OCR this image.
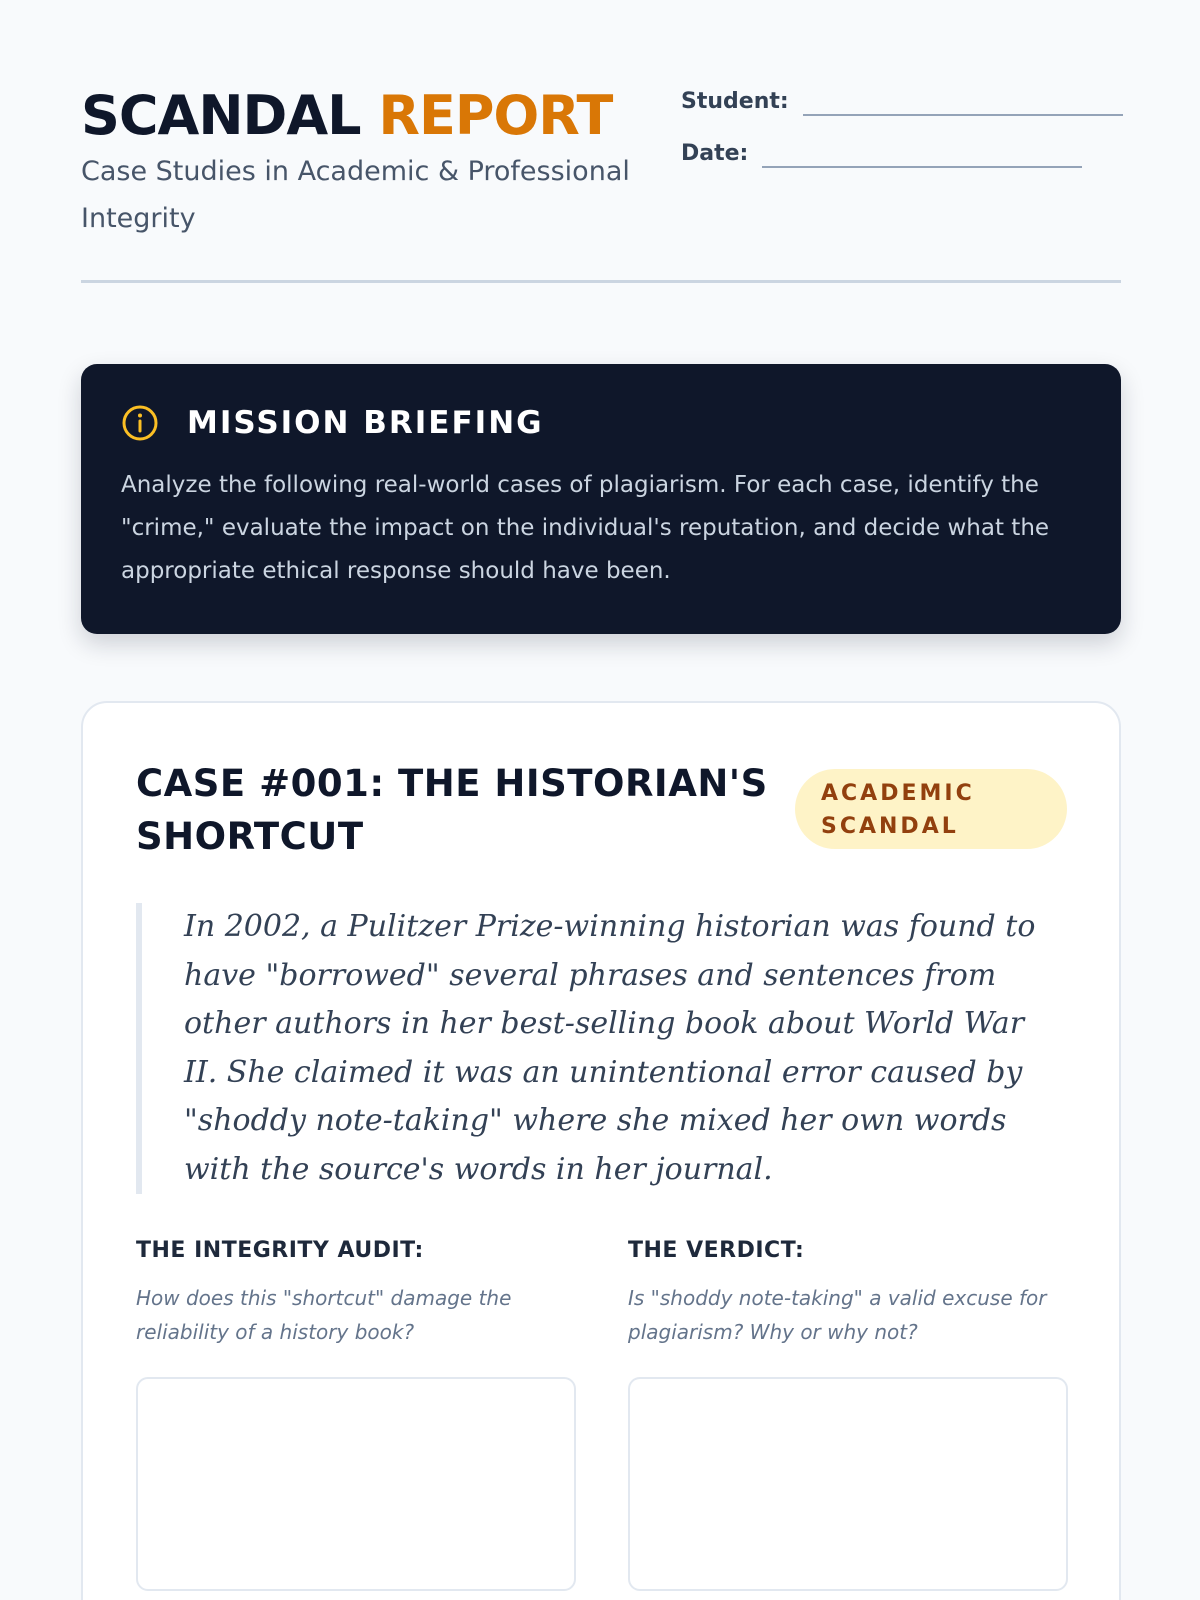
SCANDAL REPORT

Case Studies in Academic & Professional Integrity

Student:
Date:
MISSION BRIEFING
Analyze the following real-world cases of plagiarism. For each case, identify the "crime," evaluate the impact on the individual's reputation, and decide what the appropriate ethical response should have been.
CASE #001: THE HISTORIAN'S SHORTCUT
ACADEMIC SCANDAL
In 2002, a Pulitzer Prize-winning historian was found to have "borrowed" several phrases and sentences from other authors in her best-selling book about World War II. She claimed it was an unintentional error caused by "shoddy note-taking" where she mixed her own words with the source's words in her journal.

THE INTEGRITY AUDIT:

How does this "shortcut" damage the reliability of a history book?

THE VERDICT:

Is "shoddy note-taking" a valid excuse for plagiarism? Why or why not?
